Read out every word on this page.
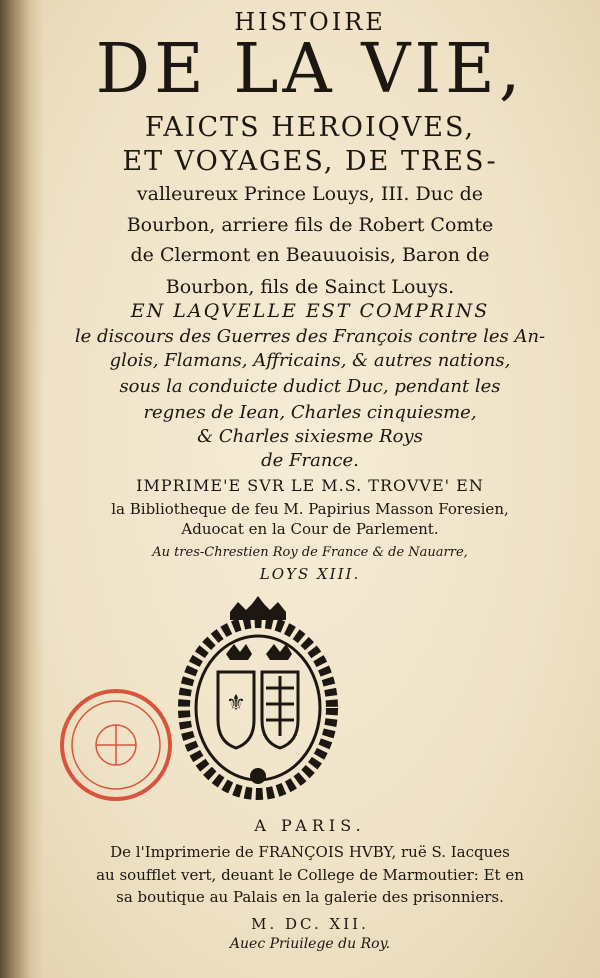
HISTOIRE
DE LA VIE,
FAICTS HEROIQVES,
ET VOYAGES, DE TRES-
valleureux Prince Louys, III. Duc de
Bourbon, arriere fils de Robert Comte
de Clermont en Beauuoisis, Baron de
Bourbon, fils de Sainct Louys.
EN LAQVELLE EST COMPRINS
le discours des Guerres des François contre les An-
glois, Flamans, Affricains, & autres nations,
sous la conduicte dudict Duc, pendant les
regnes de Iean, Charles cinquiesme,
& Charles sixiesme Roys
de France.
IMPRIME'E SVR LE M.S. TROVVE' EN
la Bibliotheque de feu M. Papirius Masson Foresien,
Aduocat en la Cour de Parlement.
Au tres-Chrestien Roy de France & de Nauarre,
LOYS XIII.
⚜
A PARIS.
De l'Imprimerie de FRANÇOIS HVBY, ruë S. Iacques
au soufflet vert, deuant le College de Marmoutier: Et en
sa boutique au Palais en la galerie des prisonniers.
M. DC. XII.
Auec Priuilege du Roy.
